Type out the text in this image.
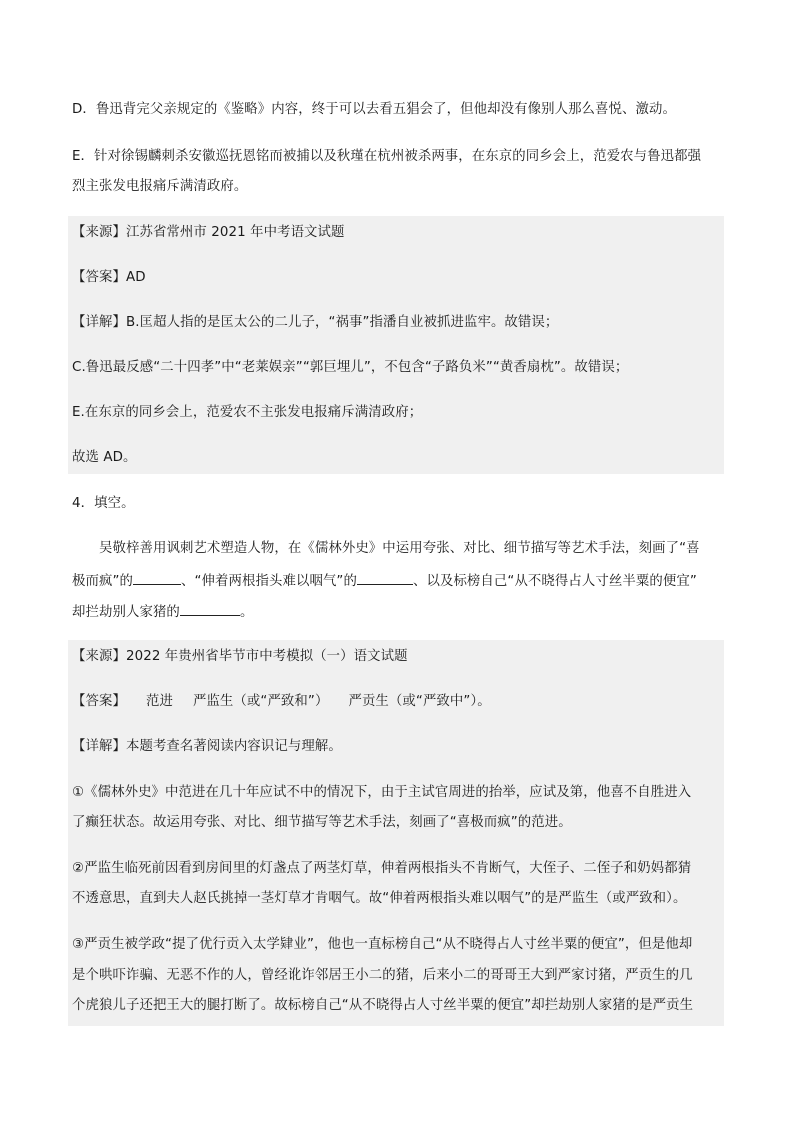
D．鲁迅背完父亲规定的《鉴略》内容，终于可以去看五猖会了，但他却没有像别人那么喜悦、激动。
E．针对徐锡麟刺杀安徽巡抚恩铭而被捕以及秋瑾在杭州被杀两事，在东京的同乡会上，范爱农与鲁迅都强
烈主张发电报痛斥满清政府。
【来源】江苏省常州市 2021 年中考语文试题
【答案】AD
【详解】B.匡超人指的是匡太公的二儿子，“祸事”指潘自业被抓进监牢。故错误；
C.鲁迅最反感“二十四孝”中“老莱娱亲”“郭巨埋儿”，不包含“子路负米”“黄香扇枕”。故错误；
E.在东京的同乡会上，范爱农不主张发电报痛斥满清政府；
故选 AD。
4．填空。
吴敬梓善用讽刺艺术塑造人物，在《儒林外史》中运用夸张、对比、细节描写等艺术手法，刻画了“喜
极而疯”的	、“伸着两根指头难以咽气”的	、以及标榜自己“从不晓得占人寸丝半粟的便宜”
却拦劫别人家猪的	。
【来源】2022 年贵州省毕节市中考模拟（一）语文试题
【答案】 范进 严监生（或“严致和”） 严贡生（或“严致中”）。
【详解】本题考查名著阅读内容识记与理解。
①《儒林外史》中范进在几十年应试不中的情况下，由于主试官周进的抬举，应试及第，他喜不自胜进入
了癫狂状态。故运用夸张、对比、细节描写等艺术手法，刻画了“喜极而疯”的范进。
②严监生临死前因看到房间里的灯盏点了两茎灯草，伸着两根指头不肯断气，大侄子、二侄子和奶妈都猜
不透意思，直到夫人赵氏挑掉一茎灯草才肯咽气。故“伸着两根指头难以咽气”的是严监生（或严致和）。
③严贡生被学政“提了优行贡入太学肄业”，他也一直标榜自己“从不晓得占人寸丝半粟的便宜”，但是他却
是个哄吓诈骗、无恶不作的人，曾经讹诈邻居王小二的猪，后来小二的哥哥王大到严家讨猪，严贡生的几
个虎狼儿子还把王大的腿打断了。故标榜自己“从不晓得占人寸丝半粟的便宜”却拦劫别人家猪的是严贡生
